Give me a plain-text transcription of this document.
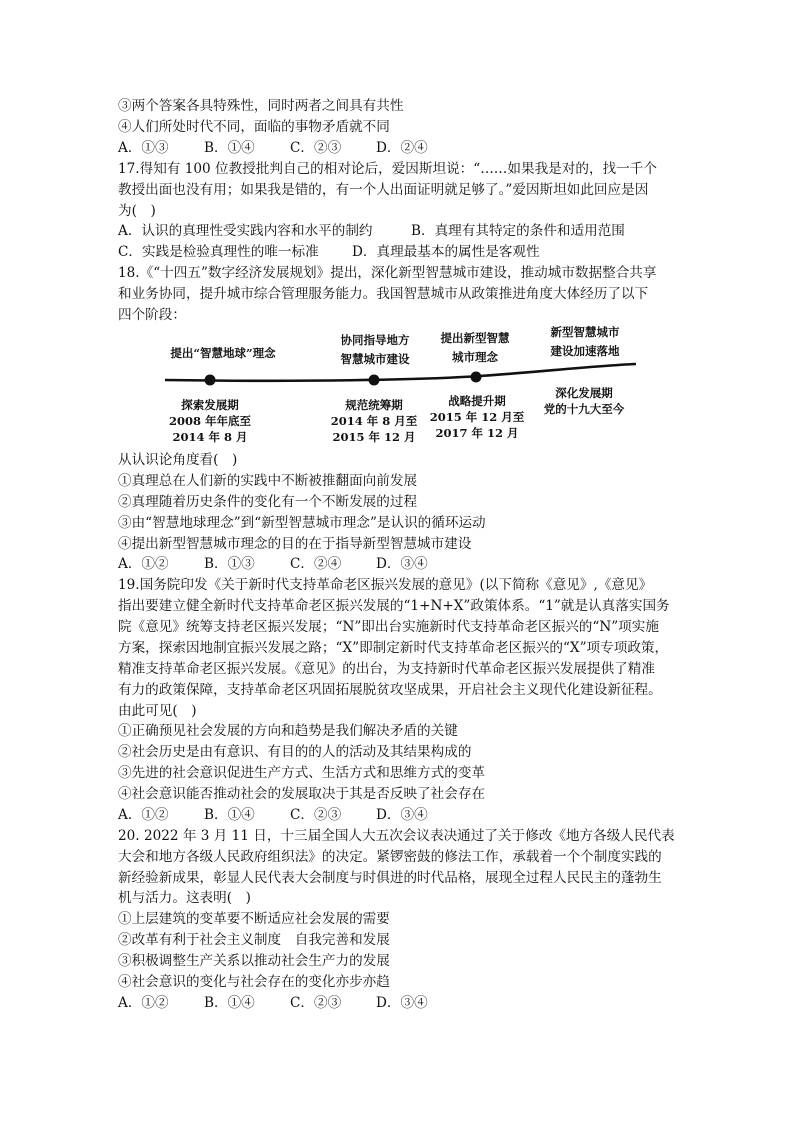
③两个答案各具特殊性，同时两者之间具有共性
④人们所处时代不同，面临的事物矛盾就不同
A．①③	B．①④	C．②③	D．②④
17.得知有 100 位教授批判自己的相对论后，爱因斯坦说：“……如果我是对的，找一千个
教授出面也没有用；如果我是错的，有一个人出面证明就足够了。”爱因斯坦如此回应是因
为(　)
A．认识的真理性受实践内容和水平的制约	B．真理有其特定的条件和适用范围
C．实践是检验真理性的唯一标准 D．真理最基本的属性是客观性
18.《“十四五”数字经济发展规划》提出，深化新型智慧城市建设，推动城市数据整合共享
和业务协同，提升城市综合管理服务能力。我国智慧城市从政策推进角度大体经历了以下
四个阶段：
提出“智慧地球”理念
协同指导地方
智慧城市建设
提出新型智慧
城市理念
新型智慧城市
建设加速落地
探索发展期
2008 年年底至
2014 年 8 月
规范统筹期
2014 年 8 月至
2015 年 12 月
战略提升期
2015 年 12 月至
2017 年 12 月
深化发展期
党的十九大至今
从认识论角度看(　)
①真理总在人们新的实践中不断被推翻面向前发展
②真理随着历史条件的变化有一个不断发展的过程
③由“智慧地球理念”到“新型智慧城市理念”是认识的循环运动
④提出新型智慧城市理念的目的在于指导新型智慧城市建设
A．①②	B．①③	C．②④	D．③④
19.国务院印发《关于新时代支持革命老区振兴发展的意见》(以下简称《意见》,《意见》
指出要建立健全新时代支持革命老区振兴发展的“1+N+X”政策体系。“1”就是认真落实国务
院《意见》统筹支持老区振兴发展；“N”即出台实施新时代支持革命老区振兴的“N”项实施
方案，探索因地制宜振兴发展之路；“X”即制定新时代支持革命老区振兴的“X”项专项政策，
精准支持革命老区振兴发展。《意见》的出台，为支持新时代革命老区振兴发展提供了精准
有力的政策保障，支持革命老区巩固拓展脱贫攻坚成果，开启社会主义现代化建设新征程。
由此可见(　)
①正确预见社会发展的方向和趋势是我们解决矛盾的关键
②社会历史是由有意识、有目的的人的活动及其结果构成的
③先进的社会意识促进生产方式、生活方式和思维方式的变革
④社会意识能否推动社会的发展取决于其是否反映了社会存在
A．①②	B．①④	C．②③	D．③④
20. 2022 年 3 月 11 日，十三届全国人大五次会议表决通过了关于修改《地方各级人民代表
大会和地方各级人民政府组织法》的决定。紧锣密鼓的修法工作，承载着一个个制度实践的
新经验新成果，彰显人民代表大会制度与时俱进的时代品格，展现全过程人民民主的蓬勃生
机与活力。这表明(　)
①上层建筑的变革要不断适应社会发展的需要
②改革有利于社会主义制度　自我完善和发展
③积极调整生产关系以推动社会生产力的发展
④社会意识的变化与社会存在的变化亦步亦趋
A．①②	B．①④	C．②③	D．③④
